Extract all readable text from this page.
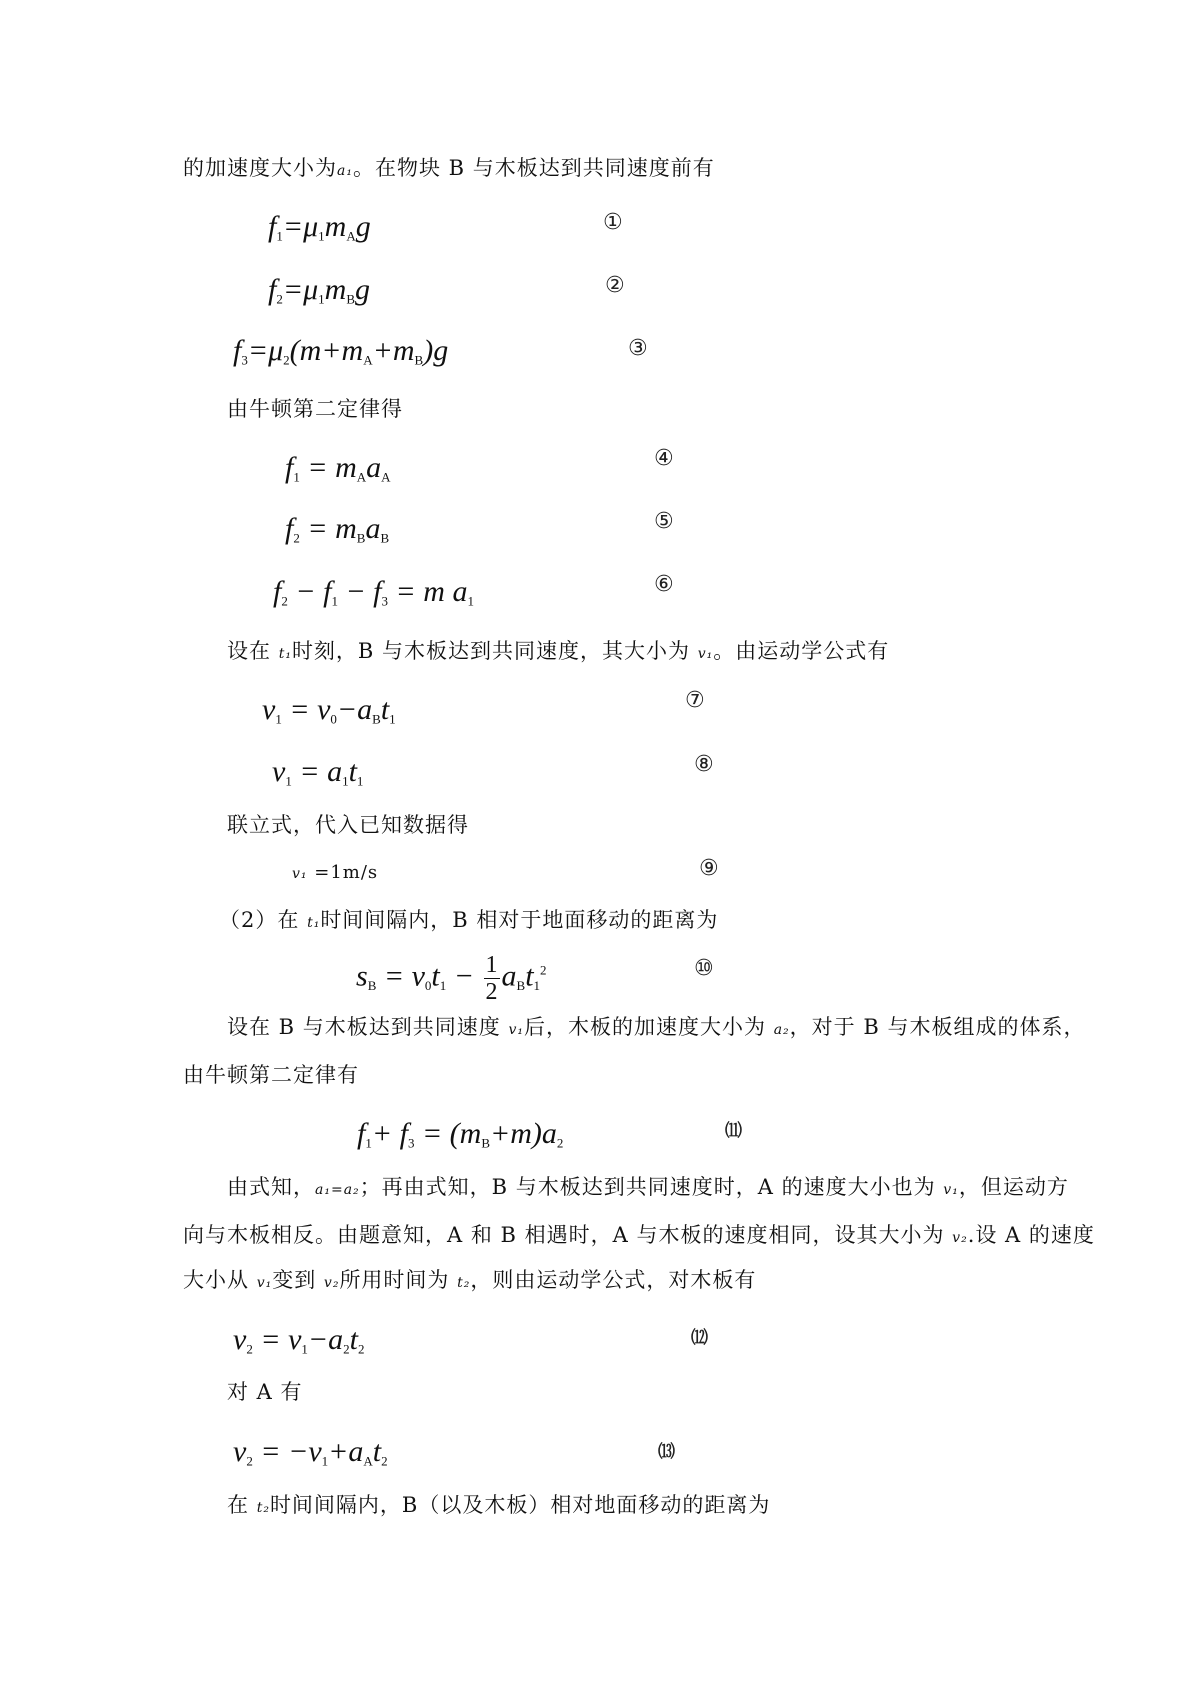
的加速度大小为a₁。在物块 B 与木板达到共同速度前有
$f_1=\mu_1m_Ag$	①
$f_2=\mu_1m_Bg$	②
$f_3=\mu_2(m+m_A+m_B)g$	③
由牛顿第二定律得
$f_1 = m_Aa_A$
④
$f_2 = m_Ba_B$
⑤
$f_2 - f_1 - f_3 = m$ $a_1$
⑥
设在 t₁时刻，B 与木板达到共同速度，其大小为 v₁。由运动学公式有
$v_1 = v_0-a_Bt_1$
⑦
$v_1 = a_1t_1$
⑧
联立式，代入已知数据得
v₁ =1m/s	⑨
（2）在 t₁时间间隔内，B 相对于地面移动的距离为
$s_B = v_0t_1 - \frac{1}{2} a_Bt_1^2$	⑩
设在 B 与木板达到共同速度 v₁后，木板的加速度大小为 a₂，对于 B 与木板组成的体系，
由牛顿第二定律有
$f_1+ f_3 = (m_B+m)a_2$
⑾
由式知，a₁=a₂；再由式知，B 与木板达到共同速度时，A 的速度大小也为 v₁，但运动方
向与木板相反。由题意知，A 和 B 相遇时，A 与木板的速度相同，设其大小为 v₂.设 A 的速度
大小从 v₁变到 v₂所用时间为 t₂，则由运动学公式，对木板有
$v_2 = v_1-a_2t_2$
⑿
对 A 有
$v_2 = -v_1+a_At_2$	⒀
在 t₂时间间隔内，B（以及木板）相对地面移动的距离为
